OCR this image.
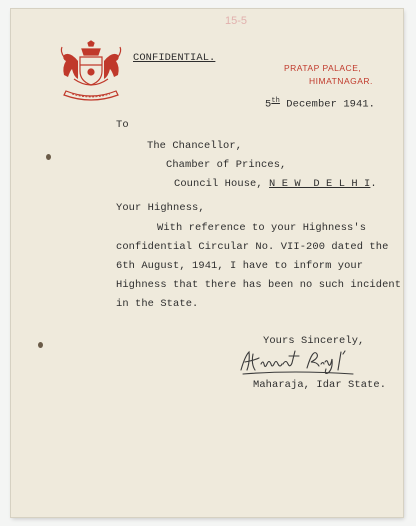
CONFIDENTIAL.
15-5
PRATAP PALACE,
HIMATNAGAR.
5th December 1941.
To
The Chancellor,
Chamber of Princes,
Council House, N E W  D E L H I.
Your Highness,
With reference to your Highness's
confidential Circular No. VII-200 dated the
6th August, 1941, I have to inform your
Highness that there has been no such incident
in the State.
Yours Sincerely,
Maharaja, Idar State.
